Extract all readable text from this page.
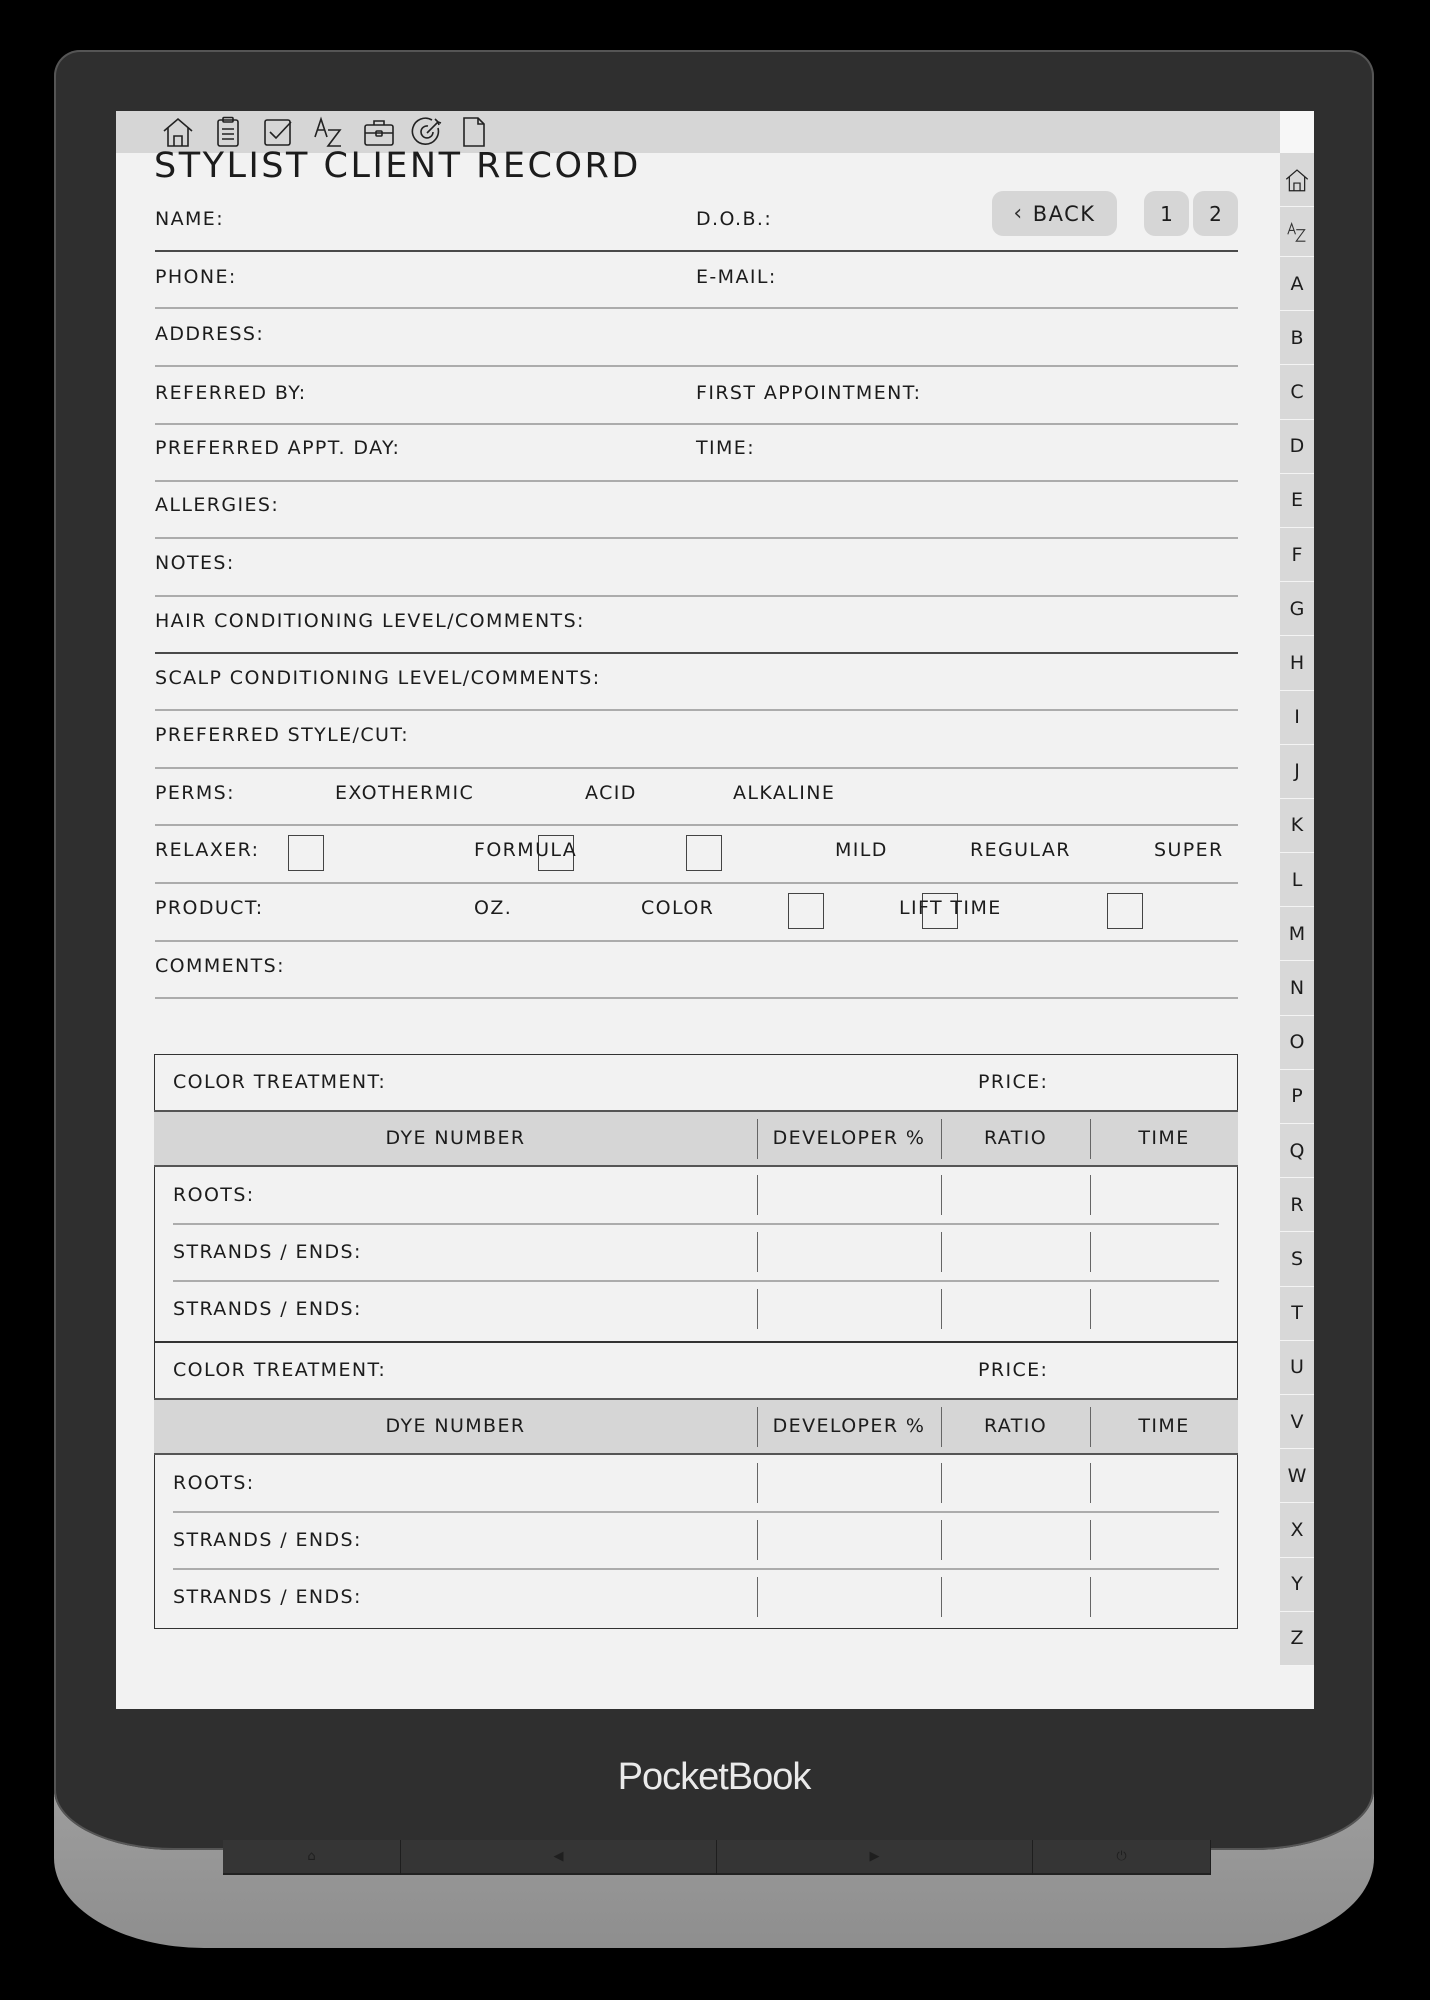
PocketBook
⌂	◀	▶	⏻
A
B
C
D
E
F
G
H
I
J
K
L
M
N
O
P
Q
R
S
T
U
V
W
X
Y
Z
STYLIST CLIENT RECORD
‹ BACK	1	2
NAME:	D.O.B.:
PHONE:	E-MAIL:
ADDRESS:
REFERRED BY:	FIRST APPOINTMENT:
PREFERRED APPT. DAY:	TIME:
ALLERGIES:
NOTES:
HAIR CONDITIONING LEVEL/COMMENTS:
SCALP CONDITIONING LEVEL/COMMENTS:
PREFERRED STYLE/CUT:
PERMS:	EXOTHERMIC	ACID	ALKALINE
RELAXER:	FORMULA	MILD	REGULAR	SUPER
PRODUCT:	OZ.	COLOR	LIFT TIME
COMMENTS:
COLOR TREATMENT:	PRICE:
DYE NUMBER	DEVELOPER %	RATIO	TIME
ROOTS:
STRANDS / ENDS:
STRANDS / ENDS:
COLOR TREATMENT:	PRICE:
DYE NUMBER	DEVELOPER %	RATIO	TIME
ROOTS:
STRANDS / ENDS:
STRANDS / ENDS:
